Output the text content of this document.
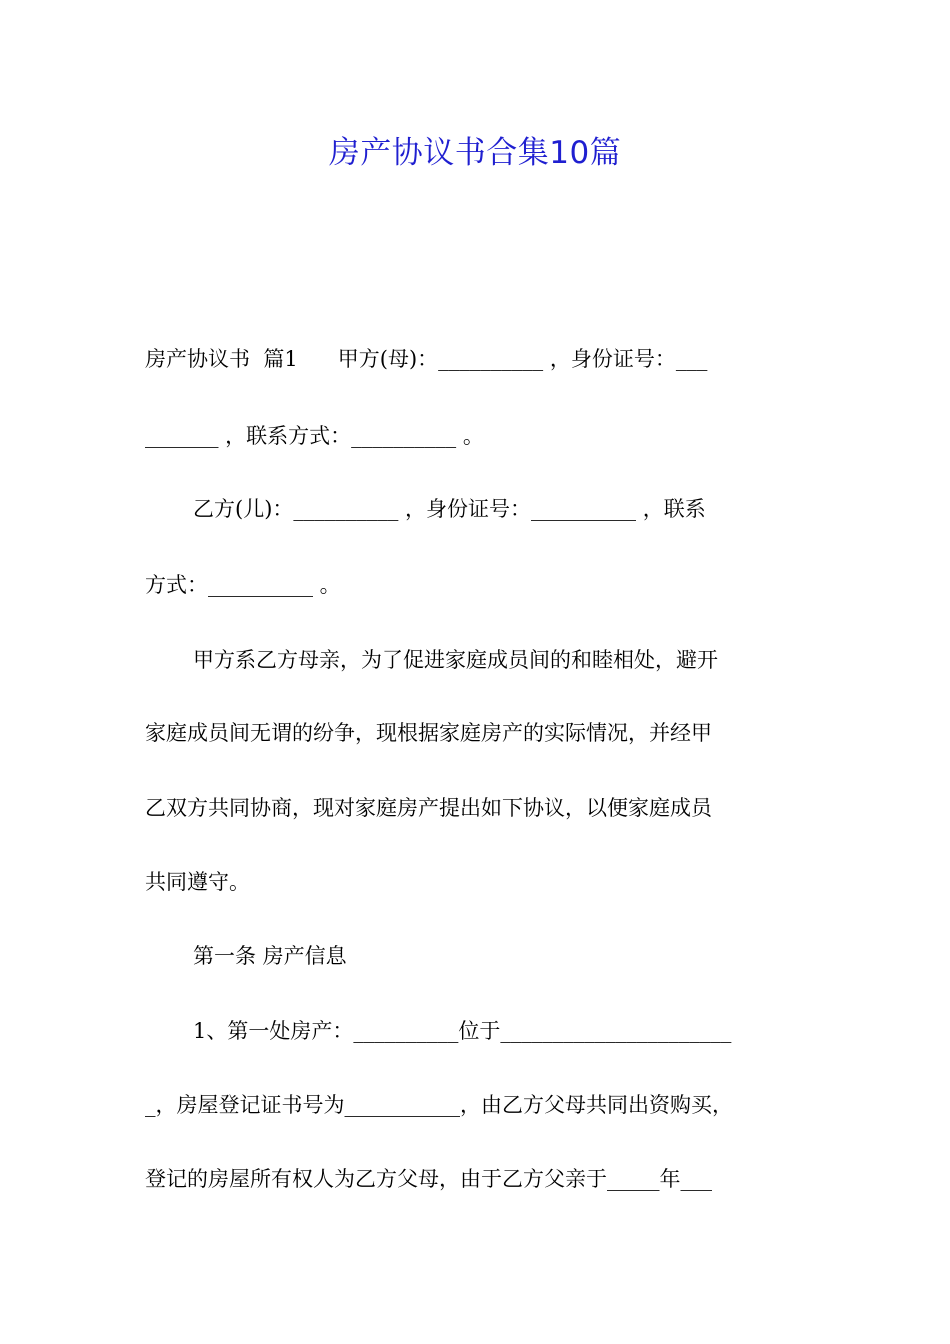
房产协议书合集10篇
房产协议书  篇1      甲方(母)：__________ ，身份证号：___
_______ ，联系方式：__________ 。
乙方(儿)：__________ ，身份证号：__________ ，联系
方式：__________ 。
甲方系乙方母亲，为了促进家庭成员间的和睦相处，避开
家庭成员间无谓的纷争，现根据家庭房产的实际情况，并经甲
乙双方共同协商，现对家庭房产提出如下协议，以便家庭成员
共同遵守。
第一条 房产信息
1、第一处房产：__________位于______________________
_，房屋登记证书号为___________，由乙方父母共同出资购买，
登记的房屋所有权人为乙方父母，由于乙方父亲于_____年___
